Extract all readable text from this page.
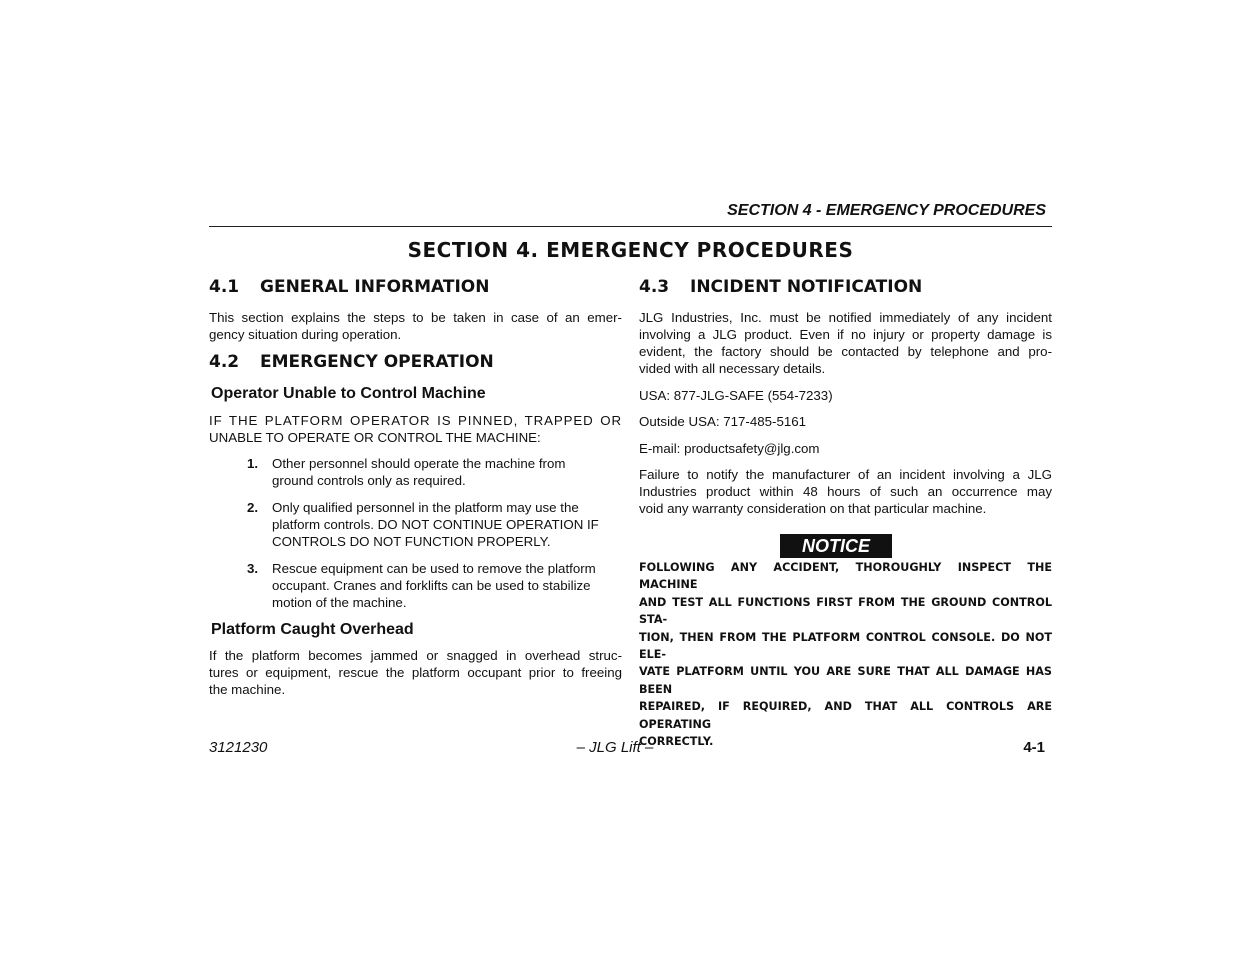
SECTION 4 - EMERGENCY PROCEDURES
SECTION 4. EMERGENCY PROCEDURES
4.1 GENERAL INFORMATION
This section explains the steps to be taken in case of an emer-
gency situation during operation.
4.2 EMERGENCY OPERATION
Operator Unable to Control Machine
IF THE PLATFORM OPERATOR IS PINNED, TRAPPED OR
UNABLE TO OPERATE OR CONTROL THE MACHINE:
1. Other personnel should operate the machine from
ground controls only as required.
2. Only qualified personnel in the platform may use the
platform controls. DO NOT CONTINUE OPERATION IF
CONTROLS DO NOT FUNCTION PROPERLY.
3. Rescue equipment can be used to remove the platform
occupant. Cranes and forklifts can be used to stabilize
motion of the machine.
Platform Caught Overhead
If the platform becomes jammed or snagged in overhead struc-
tures or equipment, rescue the platform occupant prior to freeing
the machine.
4.3 INCIDENT NOTIFICATION
JLG Industries, Inc. must be notified immediately of any incident
involving a JLG product. Even if no injury or property damage is
evident, the factory should be contacted by telephone and pro-
vided with all necessary details.
USA: 877-JLG-SAFE (554-7233)
Outside USA: 717-485-5161
E-mail: productsafety@jlg.com
Failure to notify the manufacturer of an incident involving a JLG
Industries product within 48 hours of such an occurrence may
void any warranty consideration on that particular machine.
NOTICE
FOLLOWING ANY ACCIDENT, THOROUGHLY INSPECT THE MACHINE
AND TEST ALL FUNCTIONS FIRST FROM THE GROUND CONTROL STA-
TION, THEN FROM THE PLATFORM CONTROL CONSOLE. DO NOT ELE-
VATE PLATFORM UNTIL YOU ARE SURE THAT ALL DAMAGE HAS BEEN
REPAIRED, IF REQUIRED, AND THAT ALL CONTROLS ARE OPERATING
CORRECTLY.
3121230	– JLG Lift –	4-1
